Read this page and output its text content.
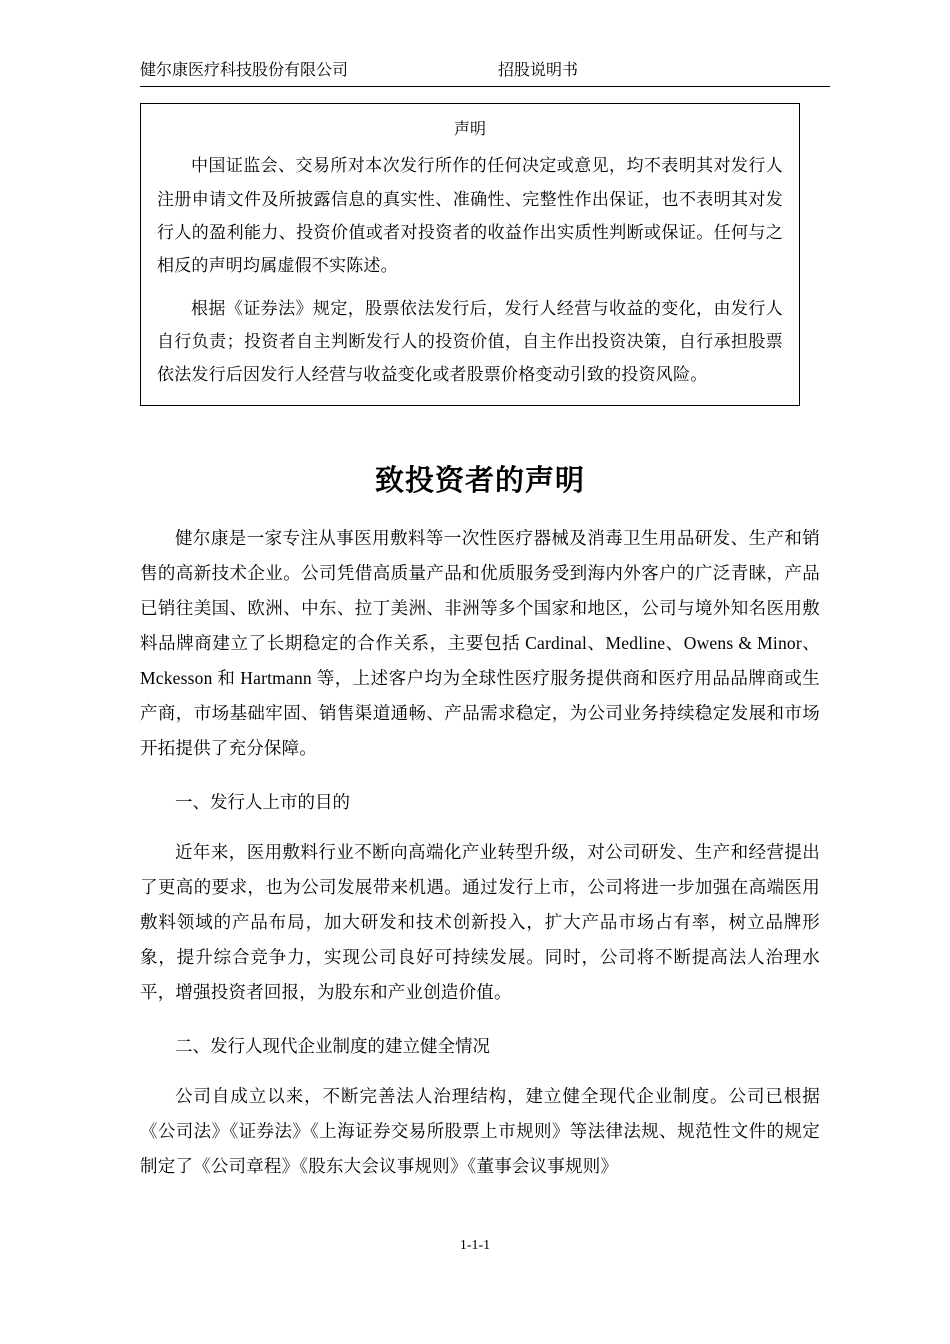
健尔康医疗科技股份有限公司	招股说明书
声明

中国证监会、交易所对本次发行所作的任何决定或意见，均不表明其对发行人注册申请文件及所披露信息的真实性、准确性、完整性作出保证，也不表明其对发行人的盈利能力、投资价值或者对投资者的收益作出实质性判断或保证。任何与之相反的声明均属虚假不实陈述。

根据《证券法》规定，股票依法发行后，发行人经营与收益的变化，由发行人自行负责；投资者自主判断发行人的投资价值，自主作出投资决策，自行承担股票依法发行后因发行人经营与收益变化或者股票价格变动引致的投资风险。

致投资者的声明

健尔康是一家专注从事医用敷料等一次性医疗器械及消毒卫生用品研发、生产和销售的高新技术企业。公司凭借高质量产品和优质服务受到海内外客户的广泛青睐，产品已销往美国、欧洲、中东、拉丁美洲、非洲等多个国家和地区，公司与境外知名医用敷料品牌商建立了长期稳定的合作关系，主要包括 Cardinal、Medline、Owens & Minor、Mckesson 和 Hartmann 等，上述客户均为全球性医疗服务提供商和医疗用品品牌商或生产商，市场基础牢固、销售渠道通畅、产品需求稳定，为公司业务持续稳定发展和市场开拓提供了充分保障。

一、发行人上市的目的

近年来，医用敷料行业不断向高端化产业转型升级，对公司研发、生产和经营提出了更高的要求，也为公司发展带来机遇。通过发行上市，公司将进一步加强在高端医用敷料领域的产品布局，加大研发和技术创新投入，扩大产品市场占有率，树立品牌形象，提升综合竞争力，实现公司良好可持续发展。同时，公司将不断提高法人治理水平，增强投资者回报，为股东和产业创造价值。

二、发行人现代企业制度的建立健全情况

公司自成立以来，不断完善法人治理结构，建立健全现代企业制度。公司已根据《公司法》《证券法》《上海证券交易所股票上市规则》等法律法规、规范性文件的规定制定了《公司章程》《股东大会议事规则》《董事会议事规则》

1-1-1
